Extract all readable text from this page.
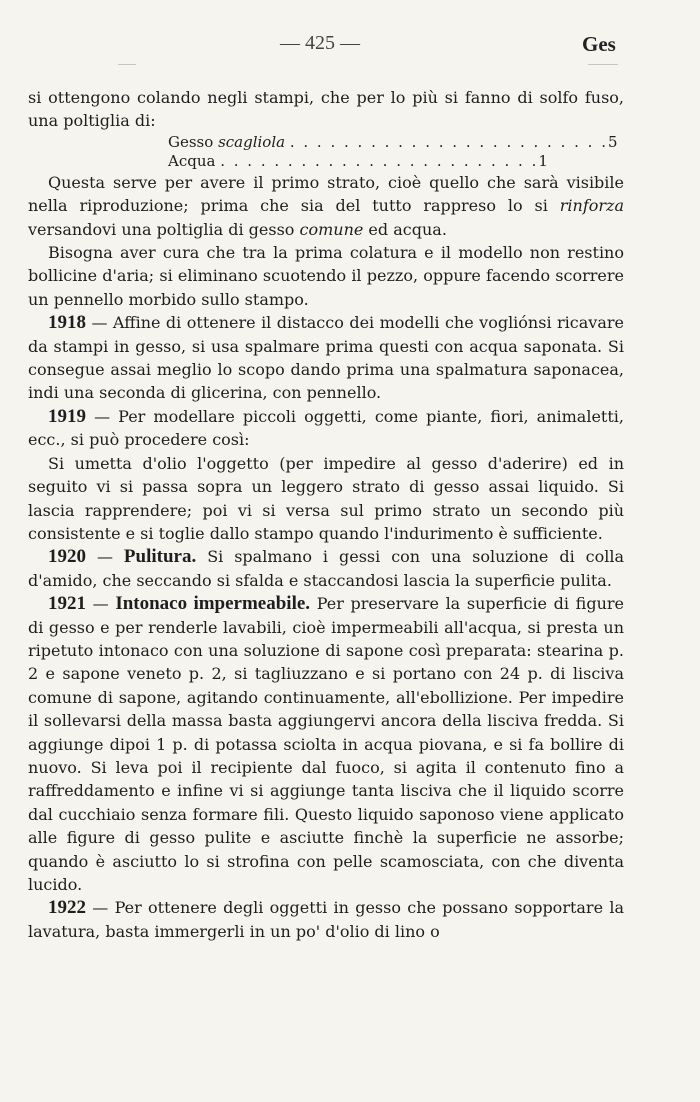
— 425 —	Ges

si ottengono colando negli stampi, che per lo più si fanno di solfo fuso, una poltiglia di:

Gesso scagliola . . . . . . . . . . . . . . . . . . . . . . . . 5
Acqua . . . . . . . . . . . . . . . . . . . . . . . . 1

Questa serve per avere il primo strato, cioè quello che sarà visibile nella riproduzione; prima che sia del tutto rappreso lo si rinforza versandovi una poltiglia di gesso comune ed acqua.

Bisogna aver cura che tra la prima colatura e il modello non restino bollicine d'aria; si eliminano scuotendo il pezzo, oppure facendo scorrere un pennello morbido sullo stampo.

1918 — Affine di ottenere il distacco dei modelli che vogliónsi ricavare da stampi in gesso, si usa spalmare prima questi con acqua saponata. Si consegue assai meglio lo scopo dando prima una spalmatura saponacea, indi una seconda di glicerina, con pennello.

1919 — Per modellare piccoli oggetti, come piante, fiori, animaletti, ecc., si può procedere così:

Si umetta d'olio l'oggetto (per impedire al gesso d'aderire) ed in seguito vi si passa sopra un leggero strato di gesso assai liquido. Si lascia rapprendere; poi vi si versa sul primo strato un secondo più consistente e si toglie dallo stampo quando l'indurimento è sufficiente.

1920 — Pulitura. Si spalmano i gessi con una soluzione di colla d'amido, che seccando si sfalda e staccandosi lascia la superficie pulita.

1921 — Intonaco impermeabile. Per preservare la superficie di figure di gesso e per renderle lavabili, cioè impermeabili all'acqua, si presta un ripetuto intonaco con una soluzione di sapone così preparata: stearina p. 2 e sapone veneto p. 2, si tagliuzzano e si portano con 24 p. di lisciva comune di sapone, agitando continuamente, all'ebollizione. Per impedire il sollevarsi della massa basta aggiungervi ancora della lisciva fredda. Si aggiunge dipoi 1 p. di potassa sciolta in acqua piovana, e si fa bollire di nuovo. Si leva poi il recipiente dal fuoco, si agita il contenuto fino a raffreddamento e infine vi si aggiunge tanta lisciva che il liquido scorre dal cucchiaio senza formare fili. Questo liquido saponoso viene applicato alle figure di gesso pulite e asciutte finchè la superficie ne assorbe; quando è asciutto lo si strofina con pelle scamosciata, con che diventa lucido.

1922 — Per ottenere degli oggetti in gesso che possano sopportare la lavatura, basta immergerli in un po' d'olio di lino o
